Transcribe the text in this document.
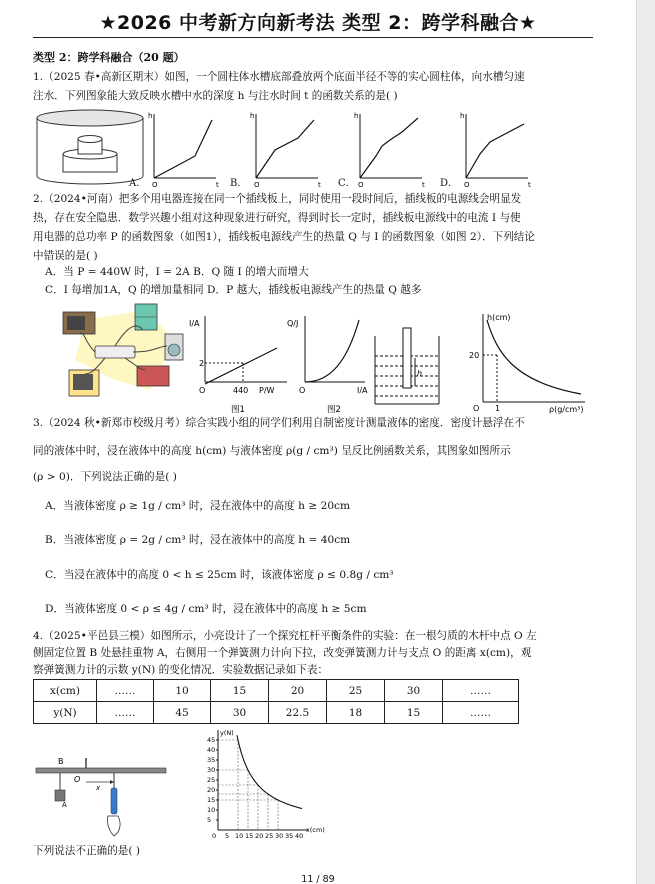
★2026 中考新方向新考法 类型 2：跨学科融合★
类型 2：跨学科融合（20 题）
1.（2025 春•高新区期末）如图，一个圆柱体水槽底部叠放两个底面半径不等的实心圆柱体，向水槽匀速
注水．下列图象能大致反映水槽中水的深度 h 与注水时间 t 的函数关系的是( )
h
O	t
h
O	t
h
O	t
h
O	t
A．	B．	C．	D．
2.（2024•河南）把多个用电器连接在同一个插线板上，同时使用一段时间后，插线板的电源线会明显发
热，存在安全隐患．数学兴趣小组对这种现象进行研究，得到时长一定时，插线板电源线中的电流 I 与使
用电器的总功率 P 的函数图象（如图1），插线板电源线产生的热量 Q 与 I 的函数图象（如图 2）．下列结论
中错误的是( )
A．当 P = 440W 时，I = 2A B．Q 随 I 的增大而增大
C．I 每增加1A，Q 的增加量相同 D．P 越大，插线板电源线产生的热量 Q 越多
I/A
2
O	440 P/W
图1
Q/J
O	I/A
图2
h
h(cm)
20
O 1	ρ(g/cm³)
3.（2024 秋•新郑市校级月考）综合实践小组的同学们利用自制密度计测量液体的密度．密度计悬浮在不
同的液体中时，浸在液体中的高度 h(cm) 与液体密度 ρ(g / cm³) 呈反比例函数关系，其图象如图所示
(ρ > 0)．下列说法正确的是( )
A．当液体密度 ρ ≥ 1g / cm³ 时，浸在液体中的高度 h ≥ 20cm
B．当液体密度 ρ = 2g / cm³ 时，浸在液体中的高度 h = 40cm
C．当浸在液体中的高度 0 < h ≤ 25cm 时，该液体密度 ρ ≤ 0.8g / cm³
D．当液体密度 0 < ρ ≤ 4g / cm³ 时，浸在液体中的高度 h ≥ 5cm
4.（2025•平邑县三模）如图所示，小亮设计了一个探究杠杆平衡条件的实验：在一根匀质的木杆中点 O 左
侧固定位置 B 处悬挂重物 A，右侧用一个弹簧测力计向下拉，改变弹簧测力计与支点 O 的距离 x(cm)，观
察弹簧测力计的示数 y(N) 的变化情况．实验数据记录如下表：
x(cm)	……	10	15	20	25	30	……
y(N)	……	45	30	22.5	18	15	……
B
O
x
A
45
40
35
30
25
20
15
10
5
5 10 15 20 25 30 35 40
y(N)
x(cm)
0
下列说法不正确的是( )
11 / 89
